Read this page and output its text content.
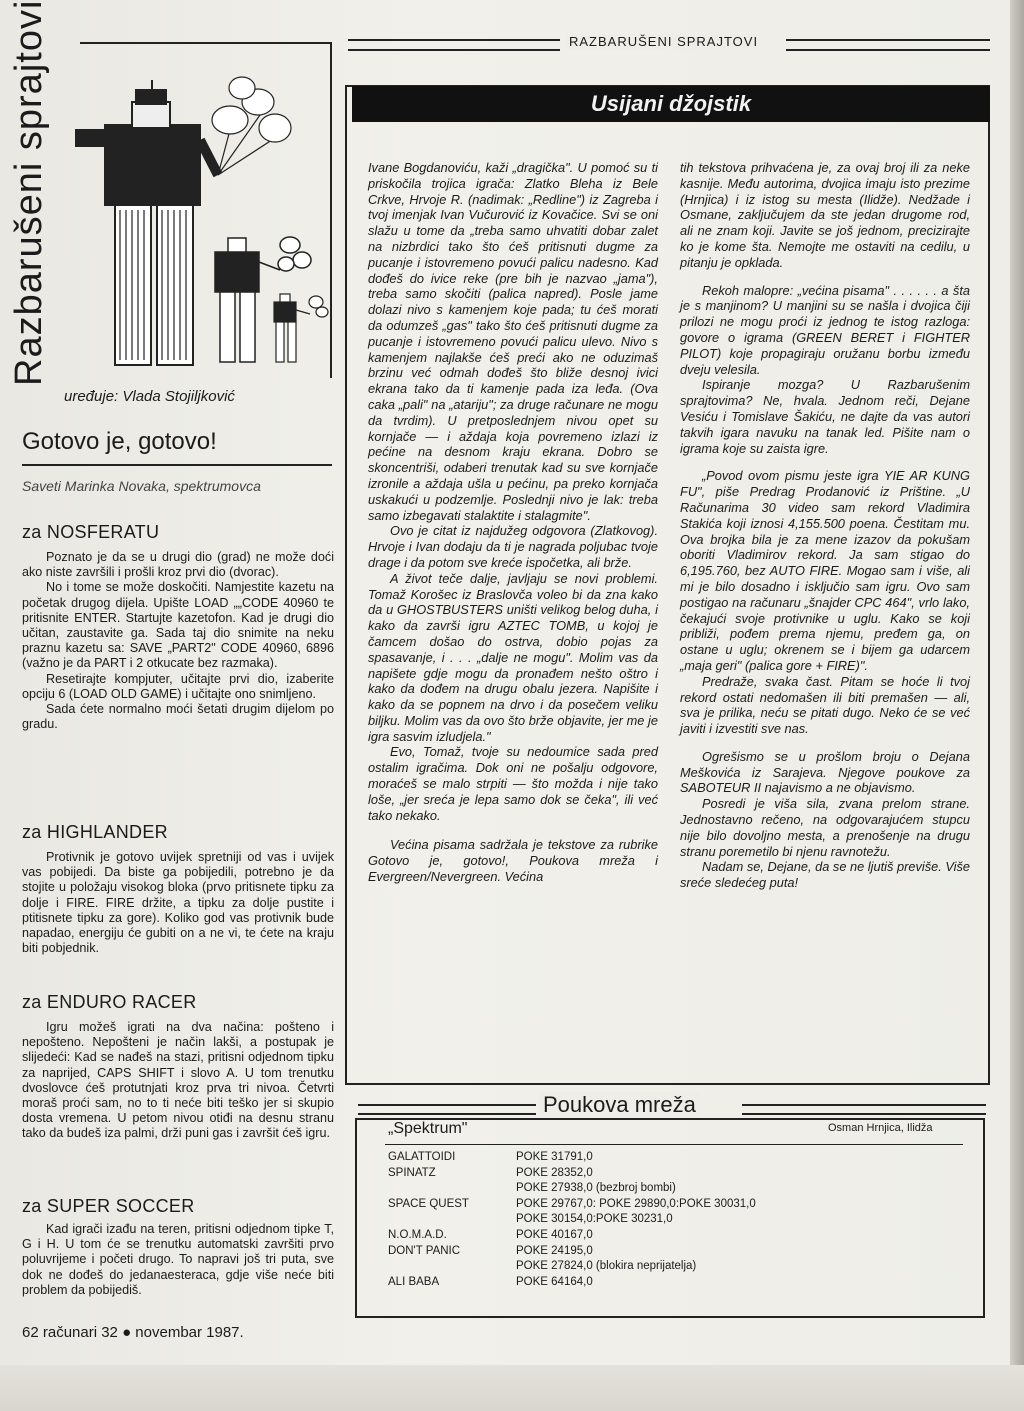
Razbarušeni sprajtovi
uređuje: Vlada Stojiljković
Gotovo je, gotovo!
Saveti Marinka Novaka, spektrumovca
za NOSFERATU

Poznato je da se u drugi dio (grad) ne može doći ako niste završili i prošli kroz prvi dio (dvorac).

No i tome se može doskočiti. Namjestite kazetu na početak drugog dijela. Upište LOAD „„CODE 40960 te pritisnite ENTER. Startujte kazetofon. Kad je drugi dio učitan, zaustavite ga. Sada taj dio snimite na neku praznu kazetu sa: SAVE „PART2" CODE 40960, 6896 (važno je da PART i 2 otkucate bez razmaka).

Resetirajte kompjuter, učitajte prvi dio, izaberite opciju 6 (LOAD OLD GAME) i učitajte ono snimljeno.

Sada ćete normalno moći šetati drugim dijelom po gradu.

za HIGHLANDER

Protivnik je gotovo uvijek spretniji od vas i uvijek vas pobijedi. Da biste ga pobijedili, potrebno je da stojite u položaju visokog bloka (prvo pritisnete tipku za dolje i FIRE. FIRE držite, a tipku za dolje pustite i ptitisnete tipku za gore). Koliko god vas protivnik bude napadao, energiju će gubiti on a ne vi, te ćete na kraju biti pobjednik.

za ENDURO RACER

Igru možeš igrati na dva načina: pošteno i nepošteno. Nepošteni je način lakši, a postupak je slijedeći: Kad se nađeš na stazi, pritisni odjednom tipku za naprijed, CAPS SHIFT i slovo A. U tom trenutku dvoslovce ćeš protutnjati kroz prva tri nivoa. Četvrti moraš proći sam, no to ti neće biti teško jer si skupio dosta vremena. U petom nivou otiđi na desnu stranu tako da budeš iza palmi, drži puni gas i završit ćeš igru.

za SUPER SOCCER

Kad igrači izađu na teren, pritisni odjednom tipke T, G i H. U tom će se trenutku automatski završiti prvo poluvrijeme i početi drugo. To napravi još tri puta, sve dok ne dođeš do jedanaesteraca, gdje više neće biti problem da pobijediš.

62 računari 32 ● novembar 1987.
RAZBARUŠENI SPRAJTOVI
Usijani džojstik

Ivane Bogdanoviću, kaži „dragička". U pomoć su ti priskočila trojica igrača: Zlatko Bleha iz Bele Crkve, Hrvoje R. (nadimak: „Redline") iz Zagreba i tvoj imenjak Ivan Vučurović iz Kovačice. Svi se oni slažu u tome da „treba samo uhvatiti dobar zalet na nizbrdici tako što ćeš pritisnuti dugme za pucanje i istovremeno povući palicu nadesno. Kad dođeš do ivice reke (pre bih je nazvao „jama"), treba samo skočiti (palica napred). Posle jame dolazi nivo s kamenjem koje pada; tu ćeš morati da odumzeš „gas" tako što ćeš pritisnuti dugme za pucanje i istovremeno povući palicu ulevo. Nivo s kamenjem najlakše ćeš preći ako ne oduzimaš brzinu već odmah dođeš što bliže desnoj ivici ekrana tako da ti kamenje pada iza leđa. (Ova caka „pali" na „atariju"; za druge računare ne mogu da tvrdim). U pretposlednjem nivou opet su kornjače — i aždaja koja povremeno izlazi iz pećine na desnom kraju ekrana. Dobro se skoncentriši, odaberi trenutak kad su sve kornjače izronile a aždaja ušla u pećinu, pa preko kornjača uskakući u podzemlje. Poslednji nivo je lak: treba samo izbegavati stalaktite i stalagmite".

Ovo je citat iz najdužeg odgovora (Zlatkovog). Hrvoje i Ivan dodaju da ti je nagrada poljubac tvoje drage i da potom sve kreće ispočetka, ali brže.

A život teče dalje, javljaju se novi problemi. Tomaž Korošec iz Braslovča voleo bi da zna kako da u GHOSTBUSTERS uništi velikog belog duha, i kako da završi igru AZTEC TOMB, u kojoj je čamcem došao do ostrva, dobio pojas za spasavanje, i . . . „dalje ne mogu". Molim vas da napišete gdje mogu da pronađem nešto oštro i kako da dođem na drugu obalu jezera. Napišite i kako da se popnem na drvo i da posečem veliku biljku. Molim vas da ovo što brže objavite, jer me je igra sasvim izludjela."

Evo, Tomaž, tvoje su nedoumice sada pred ostalim igračima. Dok oni ne pošalju odgovore, moraćeš se malo strpiti — što možda i nije tako loše, „jer sreća je lepa samo dok se čeka", ili već tako nekako.

Većina pisama sadržala je tekstove za rubrike Gotovo je, gotovo!, Poukova mreža i Evergreen/Nevergreen. Većina

tih tekstova prihvaćena je, za ovaj broj ili za neke kasnije. Među autorima, dvojica imaju isto prezime (Hrnjica) i iz istog su mesta (Ilidže). Nedžade i Osmane, zaključujem da ste jedan drugome rod, ali ne znam koji. Javite se još jednom, precizirajte ko je kome šta. Nemojte me ostaviti na cedilu, u pitanju je opklada.

Rekoh malopre: „većina pisama" . . . . . . a šta je s manjinom? U manjini su se našla i dvojica čiji prilozi ne mogu proći iz jednog te istog razloga: govore o igrama (GREEN BERET i FIGHTER PILOT) koje propagiraju oružanu borbu između dveju velesila.

Ispiranje mozga? U Razbarušenim sprajtovima? Ne, hvala. Jednom reči, Dejane Vesiću i Tomislave Šakiću, ne dajte da vas autori takvih igara navuku na tanak led. Pišite nam o igrama koje su zaista igre.

„Povod ovom pismu jeste igra YIE AR KUNG FU", piše Predrag Prodanović iz Prištine. „U Računarima 30 video sam rekord Vladimira Stakića koji iznosi 4,155.500 poena. Čestitam mu. Ova brojka bila je za mene izazov da pokušam oboriti Vladimirov rekord. Ja sam stigao do 6,195.760, bez AUTO FIRE. Mogao sam i više, ali mi je bilo dosadno i isključio sam igru. Ovo sam postigao na računaru „šnajder CPC 464", vrlo lako, čekajući svoje protivnike u uglu. Kako se koji približi, pođem prema njemu, pređem ga, on ostane u uglu; okrenem se i bijem ga udarcem „maja geri" (palica gore + FIRE)".

Predraže, svaka čast. Pitam se hoće li tvoj rekord ostati nedomašen ili biti premašen — ali, sva je prilika, neću se pitati dugo. Neko će se već javiti i izvestiti sve nas.

Ogrešismo se u prošlom broju o Dejana Meškovića iz Sarajeva. Njegove poukove za SABOTEUR II najavismo a ne objavismo.

Posredi je viša sila, zvana prelom strane. Jednostavno rečeno, na odgovarajućem stupcu nije bilo dovoljno mesta, a prenošenje na drugu stranu poremetilo bi njenu ravnotežu.

Nadam se, Dejane, da se ne ljutiš previše. Više sreće sledećeg puta!

Poukova mreža
„Spektrum"	Osman Hrnjica, Ilidža
GALATTOIDI	POKE 31791,0
SPINATZ	POKE 28352,0
POKE 27938,0 (bezbroj bombi)
SPACE QUEST	POKE 29767,0: POKE 29890,0:POKE 30031,0
POKE 30154,0:POKE 30231,0
N.O.M.A.D.	POKE 40167,0
DON'T PANIC	POKE 24195,0
POKE 27824,0 (blokira neprijatelja)
ALI BABA	POKE 64164,0
